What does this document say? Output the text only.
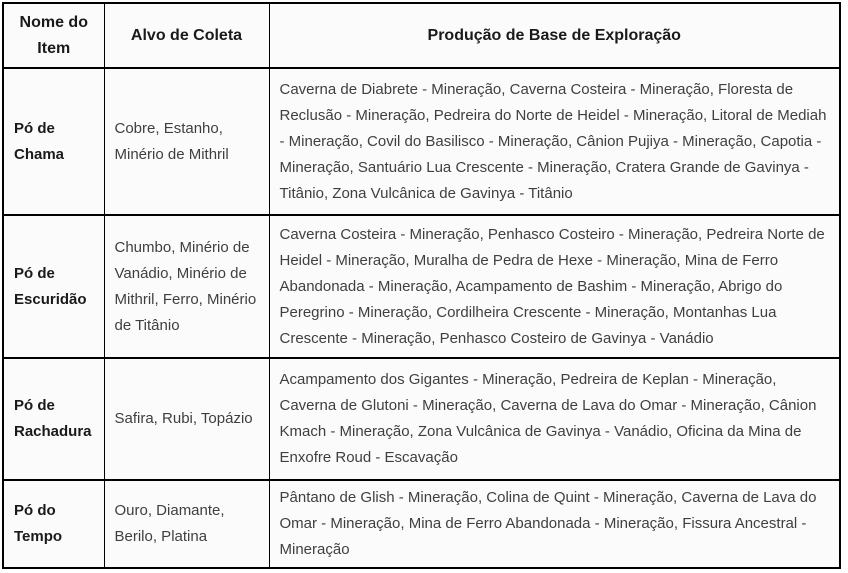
Nome do Item	Alvo de Coleta	Produção de Base de Exploração
Pó de Chama	Cobre, Estanho, Minério de Mithril	Caverna de Diabrete - Mineração, Caverna Costeira - Mineração, Floresta de Reclusão - Mineração, Pedreira do Norte de Heidel - Mineração, Litoral de Mediah - Mineração, Covil do Basilisco - Mineração, Cânion Pujiya - Mineração, Capotia - Mineração, Santuário Lua Crescente - Mineração, Cratera Grande de Gavinya - Titânio, Zona Vulcânica de Gavinya - Titânio
Pó de Escuridão	Chumbo, Minério de Vanádio, Minério de Mithril, Ferro, Minério de Titânio	Caverna Costeira - Mineração, Penhasco Costeiro - Mineração, Pedreira Norte de Heidel - Mineração, Muralha de Pedra de Hexe - Mineração, Mina de Ferro Abandonada - Mineração, Acampamento de Bashim - Mineração, Abrigo do Peregrino - Mineração, Cordilheira Crescente - Mineração, Montanhas Lua Crescente - Mineração, Penhasco Costeiro de Gavinya - Vanádio
Pó de Rachadura	Safira, Rubi, Topázio	Acampamento dos Gigantes - Mineração, Pedreira de Keplan - Mineração, Caverna de Glutoni - Mineração, Caverna de Lava do Omar - Mineração, Cânion Kmach - Mineração, Zona Vulcânica de Gavinya - Vanádio, Oficina da Mina de Enxofre Roud - Escavação
Pó do Tempo	Ouro, Diamante, Berilo, Platina	Pântano de Glish - Mineração, Colina de Quint - Mineração, Caverna de Lava do Omar - Mineração, Mina de Ferro Abandonada - Mineração, Fissura Ancestral - Mineração
